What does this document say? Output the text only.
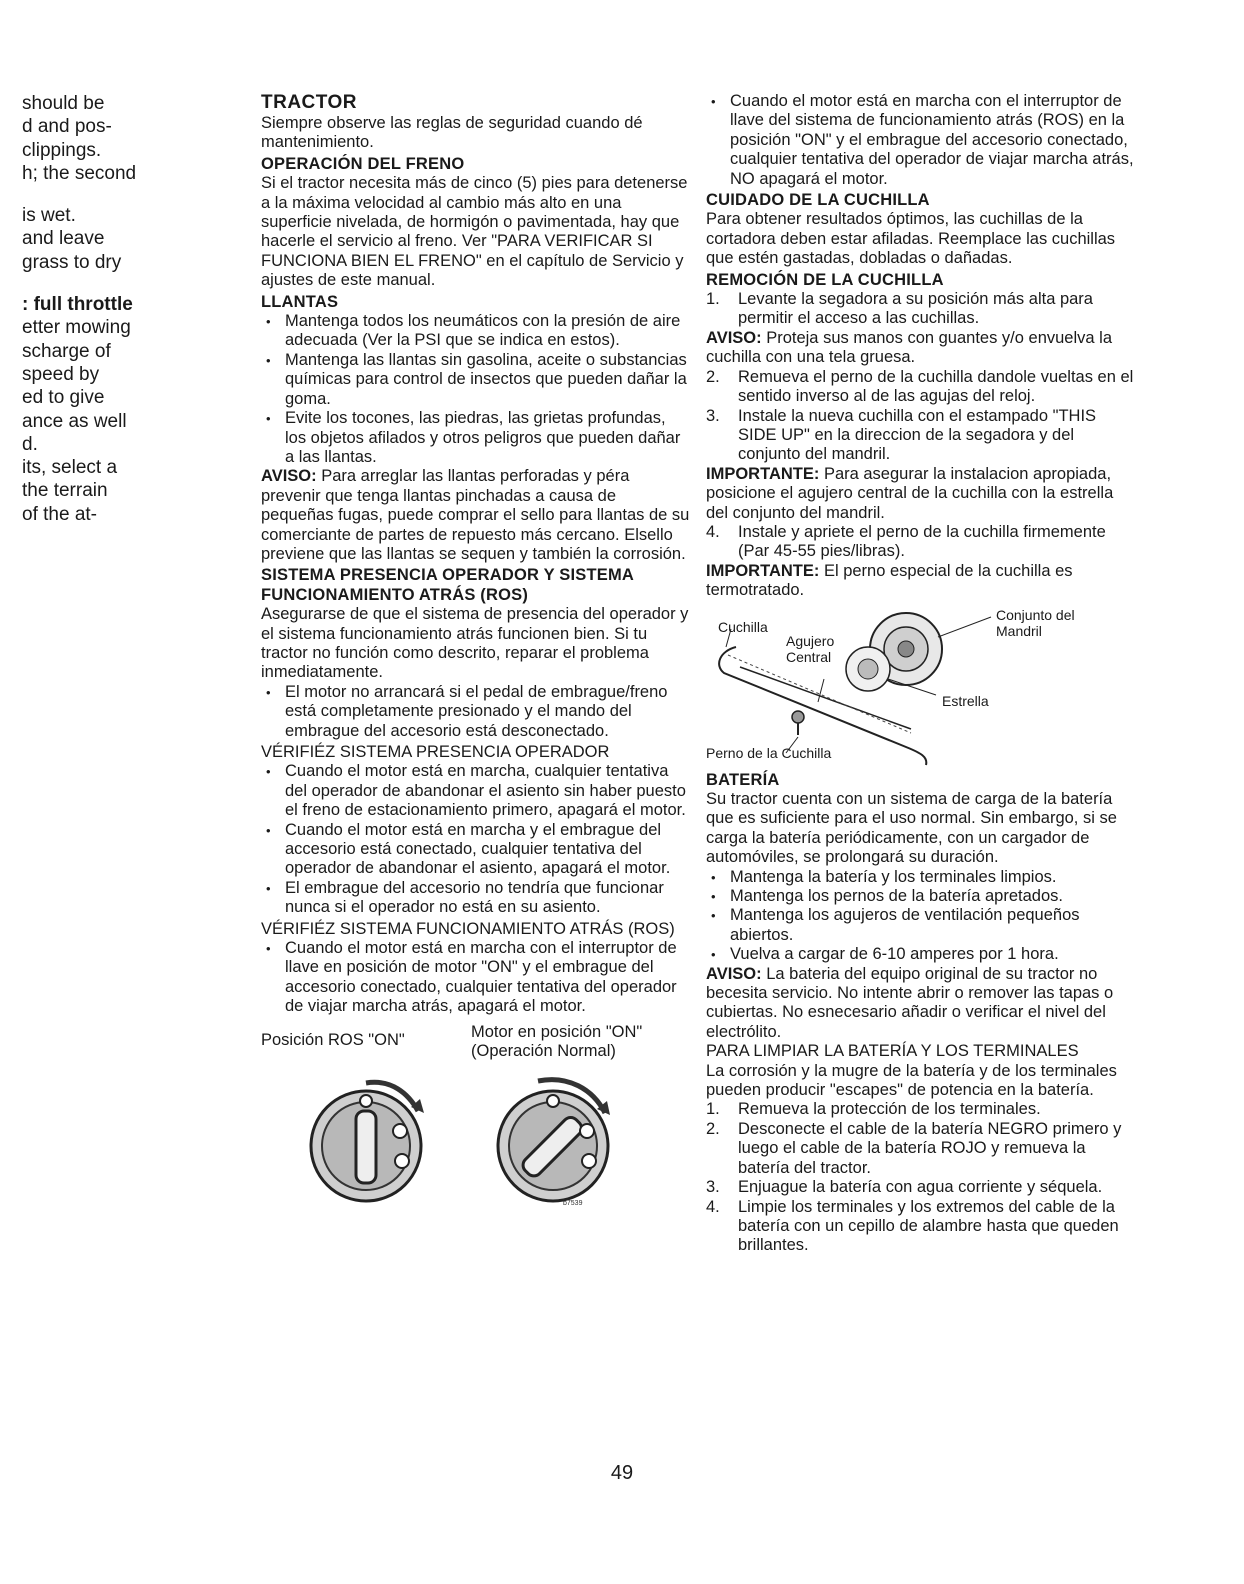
should be
d and pos-
clippings.
h; the second
is wet.
and leave
grass to dry
: full throttle
etter mowing
scharge of
speed by
ed to give
ance as well
d.
its, select a
the terrain
of the at-
TRACTOR

Siempre observe las reglas de seguridad cuando dé mantenimiento.

OPERACIÓN DEL FRENO

Si el tractor necesita más de cinco (5) pies para detenerse a la máxima velocidad al cambio más alto en una superficie nivelada, de hormigón o pavimentada, hay que hacerle el servicio al freno. Ver "PARA VERIFICAR SI FUNCIONA BIEN EL FRENO" en el capítulo de Servicio y ajustes de este manual.

LLANTAS
• Mantenga todos los neumáticos con la presión de aire adecuada (Ver la PSI que se indica en estos).
• Mantenga las llantas sin gasolina, aceite o substancias químicas para control de insectos que pueden dañar la goma.
• Evite los tocones, las piedras, las grietas profundas, los objetos afilados y otros peligros que pueden dañar a las llantas.

AVISO: Para arreglar las llantas perforadas y péra prevenir que tenga llantas pinchadas a causa de pequeñas fugas, puede comprar el sello para llantas de su comerciante de partes de repuesto más cercano. Elsello previene que las llantas se sequen y también la corrosión.

SISTEMA PRESENCIA OPERADOR Y SISTEMA FUNCIONAMIENTO ATRÁS (ROS)

Asegurarse de que el sistema de presencia del operador y el sistema funcionamiento atrás funcionen bien. Si tu tractor no función como descrito, reparar el problema inmediatamente.

• El motor no arrancará si el pedal de embrague/freno está completamente presionado y el mando del embrague del accesorio está desconectado.
VÉRIFIÉZ SISTEMA PRESENCIA OPERADOR
• Cuando el motor está en marcha, cualquier tentativa del operador de abandonar el asiento sin haber puesto el freno de estacionamiento primero, apagará el motor.
• Cuando el motor está en marcha y el embrague del accesorio está conectado, cualquier tentativa del operador de abandonar el asiento, apagará el motor.
• El embrague del accesorio no tendría que funcionar nunca si el operador no está en su asiento.
VÉRIFIÉZ SISTEMA FUNCIONAMIENTO ATRÁS (ROS)
• Cuando el motor está en marcha con el interruptor de llave en posición de motor "ON" y el embrague del accesorio conectado, cualquier tentativa del operador de viajar marcha atrás, apagará el motor.
Posición ROS "ON"	Motor en posición "ON" (Operación Normal)
b7539
• Cuando el motor está en marcha con el interruptor de llave del sistema de funcionamiento atrás (ROS) en la posición "ON" y el embrague del accesorio conectado, cualquier tentativa del operador de viajar marcha atrás, NO apagará el motor.
CUIDADO DE LA CUCHILLA

Para obtener resultados óptimos, las cuchillas de la cortadora deben estar afiladas. Reemplace las cuchillas que estén gastadas, dobladas o dañadas.

REMOCIÓN DE LA CUCHILLA
1. Levante la segadora a su posición más alta para permitir el acceso a las cuchillas.

AVISO: Proteja sus manos con guantes y/o envuelva la cuchilla con una tela gruesa.

2. Remueva el perno de la cuchilla dandole vueltas en el sentido inverso al de las agujas del reloj.
3. Instale la nueva cuchilla con el estampado "THIS SIDE UP" en la direccion de la segadora y del conjunto del mandril.

IMPORTANTE: Para asegurar la instalacion apropiada, posicione el agujero central de la cuchilla con la estrella del conjunto del mandril.

4. Instale y apriete el perno de la cuchilla firmemente (Par 45-55 pies/libras).

IMPORTANTE: El perno especial de la cuchilla es termotratado.

Cuchilla
Agujero
Central
Conjunto del
Mandril
Estrella
Perno de la Cuchilla
BATERÍA

Su tractor cuenta con un sistema de carga de la batería que es suficiente para el uso normal. Sin embargo, si se carga la batería periódicamente, con un cargador de automóviles, se prolongará su duración.

• Mantenga la batería y los terminales limpios.
• Mantenga los pernos de la batería apretados.
• Mantenga los agujeros de ventilación pequeños abiertos.
• Vuelva a cargar de 6-10 amperes por 1 hora.

AVISO: La bateria del equipo original de su tractor no becesita servicio. No intente abrir o remover las tapas o cubiertas. No esnecesario añadir o verificar el nivel del electrólito.

PARA LIMPIAR LA BATERÍA Y LOS TERMINALES

La corrosión y la mugre de la batería y de los terminales pueden producir "escapes" de potencia en la batería.

1. Remueva la protección de los terminales.
2. Desconecte el cable de la batería NEGRO primero y luego el cable de la batería ROJO y remueva la batería del tractor.
3. Enjuague la batería con agua corriente y séquela.
4. Limpie los terminales y los extremos del cable de la batería con un cepillo de alambre hasta que queden brillantes.
49
